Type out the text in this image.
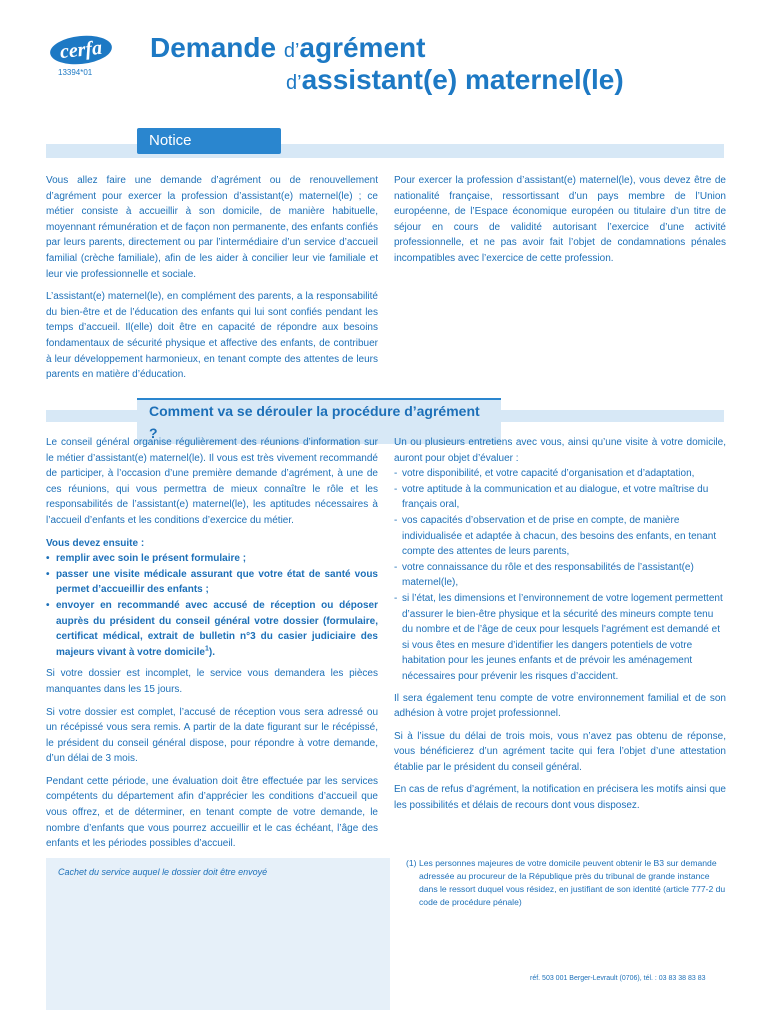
cerfa
13394*01
Demande d’agrément
d’assistant(e) maternel(le)
Notice

Vous allez faire une demande d’agrément ou de renouvellement d’agrément pour exercer la profession d’assistant(e) maternel(le) ; ce métier consiste à accueillir à son domicile, de manière habituelle, moyennant rémunération et de façon non permanente, des enfants confiés par leurs parents, directement ou par l’intermédiaire d’un service d’accueil familial (crèche familiale), afin de les aider à concilier leur vie familiale et leur vie professionnelle et sociale.

L’assistant(e) maternel(le), en complément des parents, a la responsabilité du bien-être et de l’éducation des enfants qui lui sont confiés pendant les temps d’accueil. Il(elle) doit être en capacité de répondre aux besoins fondamentaux de sécurité physique et affective des enfants, de contribuer à leur développement harmonieux, en tenant compte des attentes de leurs parents en matière d’éducation.

Pour exercer la profession d’assistant(e) maternel(le), vous devez être de nationalité française, ressortissant d’un pays membre de l’Union européenne, de l’Espace économique européen ou titulaire d’un titre de séjour en cours de validité autorisant l’exercice d’une activité professionnelle, et ne pas avoir fait l’objet de condamnations pénales incompatibles avec l’exercice de cette profession.

Comment va se dérouler la procédure d’agrément ?

Le conseil général organise régulièrement des réunions d’information sur le métier d’assistant(e) maternel(le). Il vous est très vivement recommandé de participer, à l’occasion d’une première demande d’agrément, à une de ces réunions, qui vous permettra de mieux connaître le rôle et les responsabilités de l’assistant(e) maternel(le), les aptitudes nécessaires à l’accueil d’enfants et les conditions d’exercice du métier.

Vous devez ensuite :
• remplir avec soin le présent formulaire ;
• passer une visite médicale assurant que votre état de santé vous permet d’accueillir des enfants ;
• envoyer en recommandé avec accusé de réception ou déposer auprès du président du conseil général votre dossier (formulaire, certificat médical, extrait de bulletin n°3 du casier judiciaire des majeurs vivant à votre domicile$^1$).

Si votre dossier est incomplet, le service vous demandera les pièces manquantes dans les 15 jours.

Si votre dossier est complet, l’accusé de réception vous sera adressé ou un récépissé vous sera remis. A partir de la date figurant sur le récépissé, le président du conseil général dispose, pour répondre à votre demande, d’un délai de 3 mois.

Pendant cette période, une évaluation doit être effectuée par les services compétents du département afin d’apprécier les conditions d’accueil que vous offrez, et de déterminer, en tenant compte de votre demande, le nombre d’enfants que vous pourrez accueillir et le cas échéant, l’âge des enfants et les périodes possibles d’accueil.

Un ou plusieurs entretiens avec vous, ainsi qu’une visite à votre domicile, auront pour objet d’évaluer :
- votre disponibilité, et votre capacité d’organisation et d’adaptation,
- votre aptitude à la communication et au dialogue, et votre maîtrise du français oral,
- vos capacités d’observation et de prise en compte, de manière individualisée et adaptée à chacun, des besoins des enfants, en tenant compte des attentes de leurs parents,
- votre connaissance du rôle et des responsabilités de l’assistant(e) maternel(le),
- si l’état, les dimensions et l’environnement de votre logement permettent d’assurer le bien-être physique et la sécurité des mineurs compte tenu du nombre et de l’âge de ceux pour lesquels l’agrément est demandé et si vous êtes en mesure d’identifier les dangers potentiels de votre habitation pour les jeunes enfants et de prévoir les aménagement nécessaires pour prévenir les risques d’accident.

Il sera également tenu compte de votre environnement familial et de son adhésion à votre projet professionnel.

Si à l’issue du délai de trois mois, vous n’avez pas obtenu de réponse, vous bénéficierez d’un agrément tacite qui fera l’objet d’une attestation établie par le président du conseil général.

En cas de refus d’agrément, la notification en précisera les motifs ainsi que les possibilités et délais de recours dont vous disposez.

Cachet du service auquel le dossier doit être envoyé
(1) Les personnes majeures de votre domicile peuvent obtenir le B3 sur demande adressée au procureur de la République près du tribunal de grande instance dans le ressort duquel vous résidez, en justifiant de son identité (article 777-2 du code de procédure pénale)
réf. 503 001 Berger-Levrault (0706), tél. : 03 83 38 83 83
